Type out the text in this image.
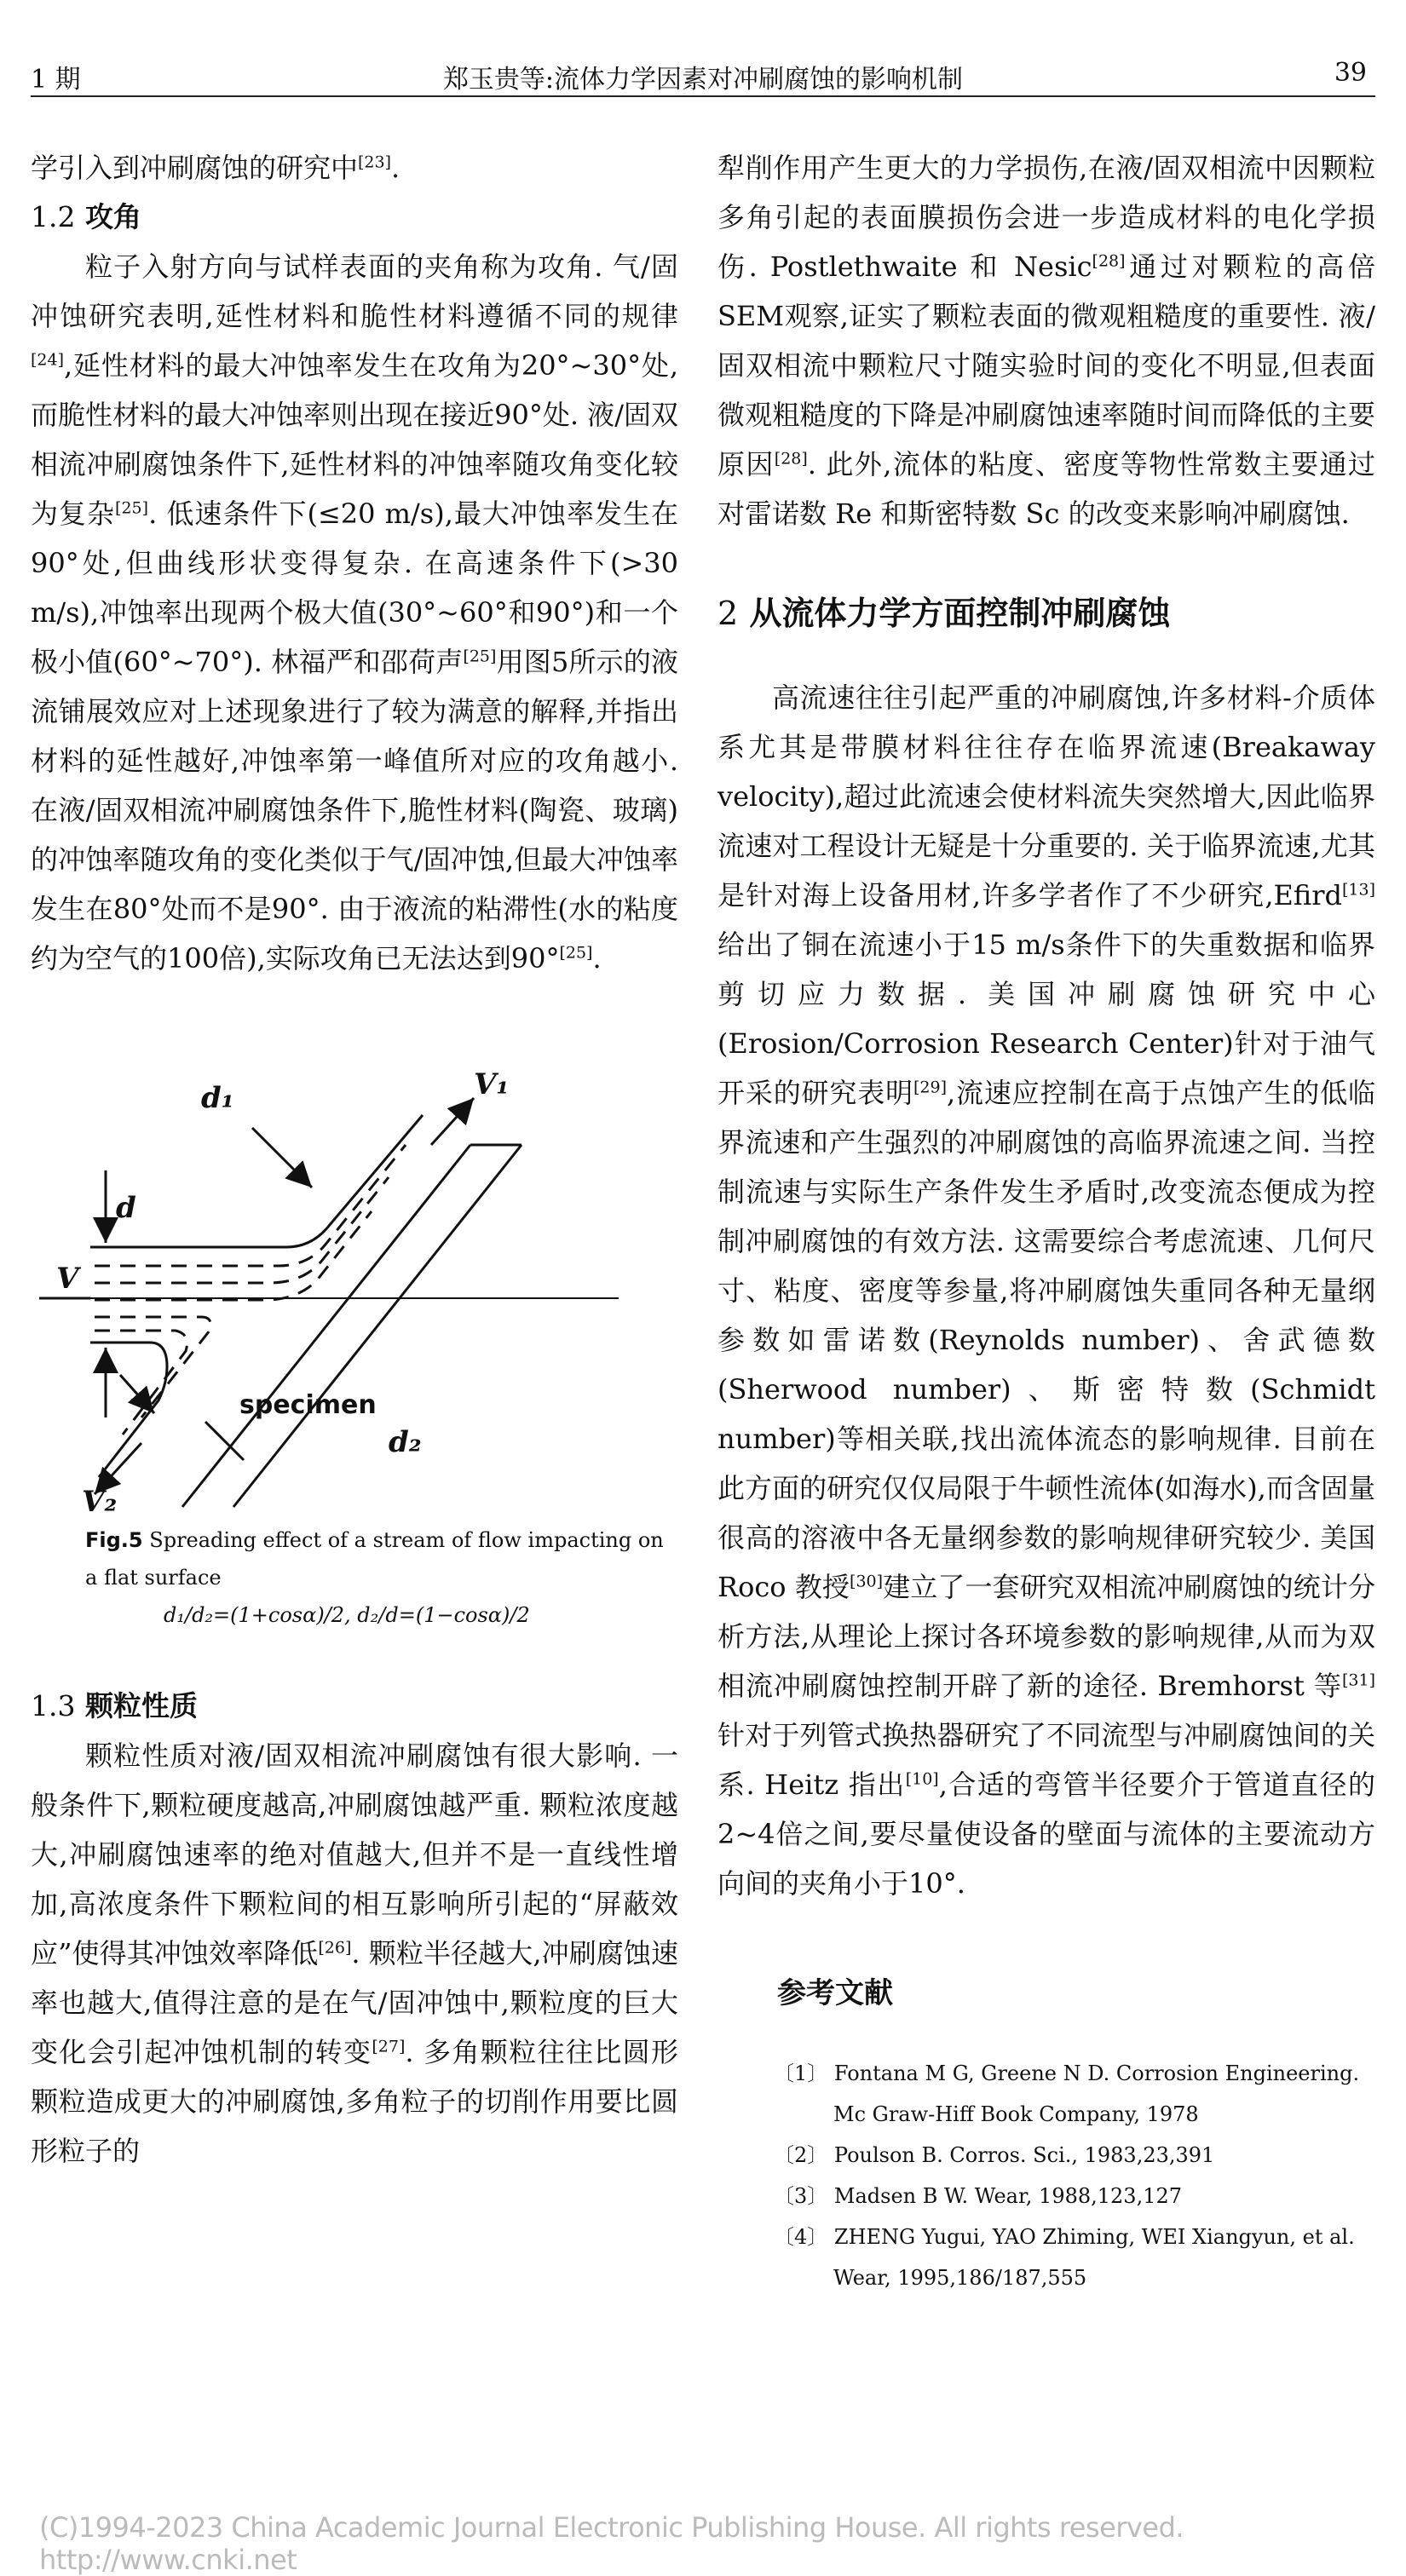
1 期	郑玉贵等:流体力学因素对冲刷腐蚀的影响机制	39

学引入到冲刷腐蚀的研究中[23].

1.2 攻角

粒子入射方向与试样表面的夹角称为攻角. 气/固冲蚀研究表明,延性材料和脆性材料遵循不同的规律[24],延性材料的最大冲蚀率发生在攻角为20°~30°处,而脆性材料的最大冲蚀率则出现在接近90°处. 液/固双相流冲刷腐蚀条件下,延性材料的冲蚀率随攻角变化较为复杂[25]. 低速条件下(≤20 m/s),最大冲蚀率发生在90°处,但曲线形状变得复杂. 在高速条件下(>30 m/s),冲蚀率出现两个极大值(30°~60°和90°)和一个极小值(60°~70°). 林福严和邵荷声[25]用图5所示的液流铺展效应对上述现象进行了较为满意的解释,并指出材料的延性越好,冲蚀率第一峰值所对应的攻角越小. 在液/固双相流冲刷腐蚀条件下,脆性材料(陶瓷、玻璃)的冲蚀率随攻角的变化类似于气/固冲蚀,但最大冲蚀率发生在80°处而不是90°. 由于液流的粘滞性(水的粘度约为空气的100倍),实际攻角已无法达到90°[25].

d₁	V₁
d
V
d₂
V₂
specimen
Fig.5 Spreading effect of a stream of flow impacting on a flat surface
d₁/d₂=(1+cosα)/2, d₂/d=(1−cosα)/2
1.3 颗粒性质

颗粒性质对液/固双相流冲刷腐蚀有很大影响. 一般条件下,颗粒硬度越高,冲刷腐蚀越严重. 颗粒浓度越大,冲刷腐蚀速率的绝对值越大,但并不是一直线性增加,高浓度条件下颗粒间的相互影响所引起的“屏蔽效应”使得其冲蚀效率降低[26]. 颗粒半径越大,冲刷腐蚀速率也越大,值得注意的是在气/固冲蚀中,颗粒度的巨大变化会引起冲蚀机制的转变[27]. 多角颗粒往往比圆形颗粒造成更大的冲刷腐蚀,多角粒子的切削作用要比圆形粒子的

犁削作用产生更大的力学损伤,在液/固双相流中因颗粒多角引起的表面膜损伤会进一步造成材料的电化学损伤. Postlethwaite 和 Nesic[28]通过对颗粒的高倍SEM观察,证实了颗粒表面的微观粗糙度的重要性. 液/固双相流中颗粒尺寸随实验时间的变化不明显,但表面微观粗糙度的下降是冲刷腐蚀速率随时间而降低的主要原因[28]. 此外,流体的粘度、密度等物性常数主要通过对雷诺数 Re 和斯密特数 Sc 的改变来影响冲刷腐蚀.

2 从流体力学方面控制冲刷腐蚀

高流速往往引起严重的冲刷腐蚀,许多材料-介质体系尤其是带膜材料往往存在临界流速(Breakaway velocity),超过此流速会使材料流失突然增大,因此临界流速对工程设计无疑是十分重要的. 关于临界流速,尤其是针对海上设备用材,许多学者作了不少研究,Efird[13]给出了铜在流速小于15 m/s条件下的失重数据和临界剪切应力数据. 美国冲刷腐蚀研究中心(Erosion/Corrosion Research Center)针对于油气开采的研究表明[29],流速应控制在高于点蚀产生的低临界流速和产生强烈的冲刷腐蚀的高临界流速之间. 当控制流速与实际生产条件发生矛盾时,改变流态便成为控制冲刷腐蚀的有效方法. 这需要综合考虑流速、几何尺寸、粘度、密度等参量,将冲刷腐蚀失重同各种无量纲参数如雷诺数(Reynolds number)、舍武德数(Sherwood number)、斯密特数(Schmidt number)等相关联,找出流体流态的影响规律. 目前在此方面的研究仅仅局限于牛顿性流体(如海水),而含固量很高的溶液中各无量纲参数的影响规律研究较少. 美国 Roco 教授[30]建立了一套研究双相流冲刷腐蚀的统计分析方法,从理论上探讨各环境参数的影响规律,从而为双相流冲刷腐蚀控制开辟了新的途径. Bremhorst 等[31]针对于列管式换热器研究了不同流型与冲刷腐蚀间的关系. Heitz 指出[10],合适的弯管半径要介于管道直径的2~4倍之间,要尽量使设备的壁面与流体的主要流动方向间的夹角小于10°.

参考文献
〔1〕 Fontana M G, Greene N D. Corrosion Engineering. Mc Graw-Hiff Book Company, 1978
〔2〕 Poulson B. Corros. Sci., 1983,23,391
〔3〕 Madsen B W. Wear, 1988,123,127
〔4〕 ZHENG Yugui, YAO Zhiming, WEI Xiangyun, et al. Wear, 1995,186/187,555
(C)1994-2023 China Academic Journal Electronic Publishing House. All rights reserved. http://www.cnki.net
